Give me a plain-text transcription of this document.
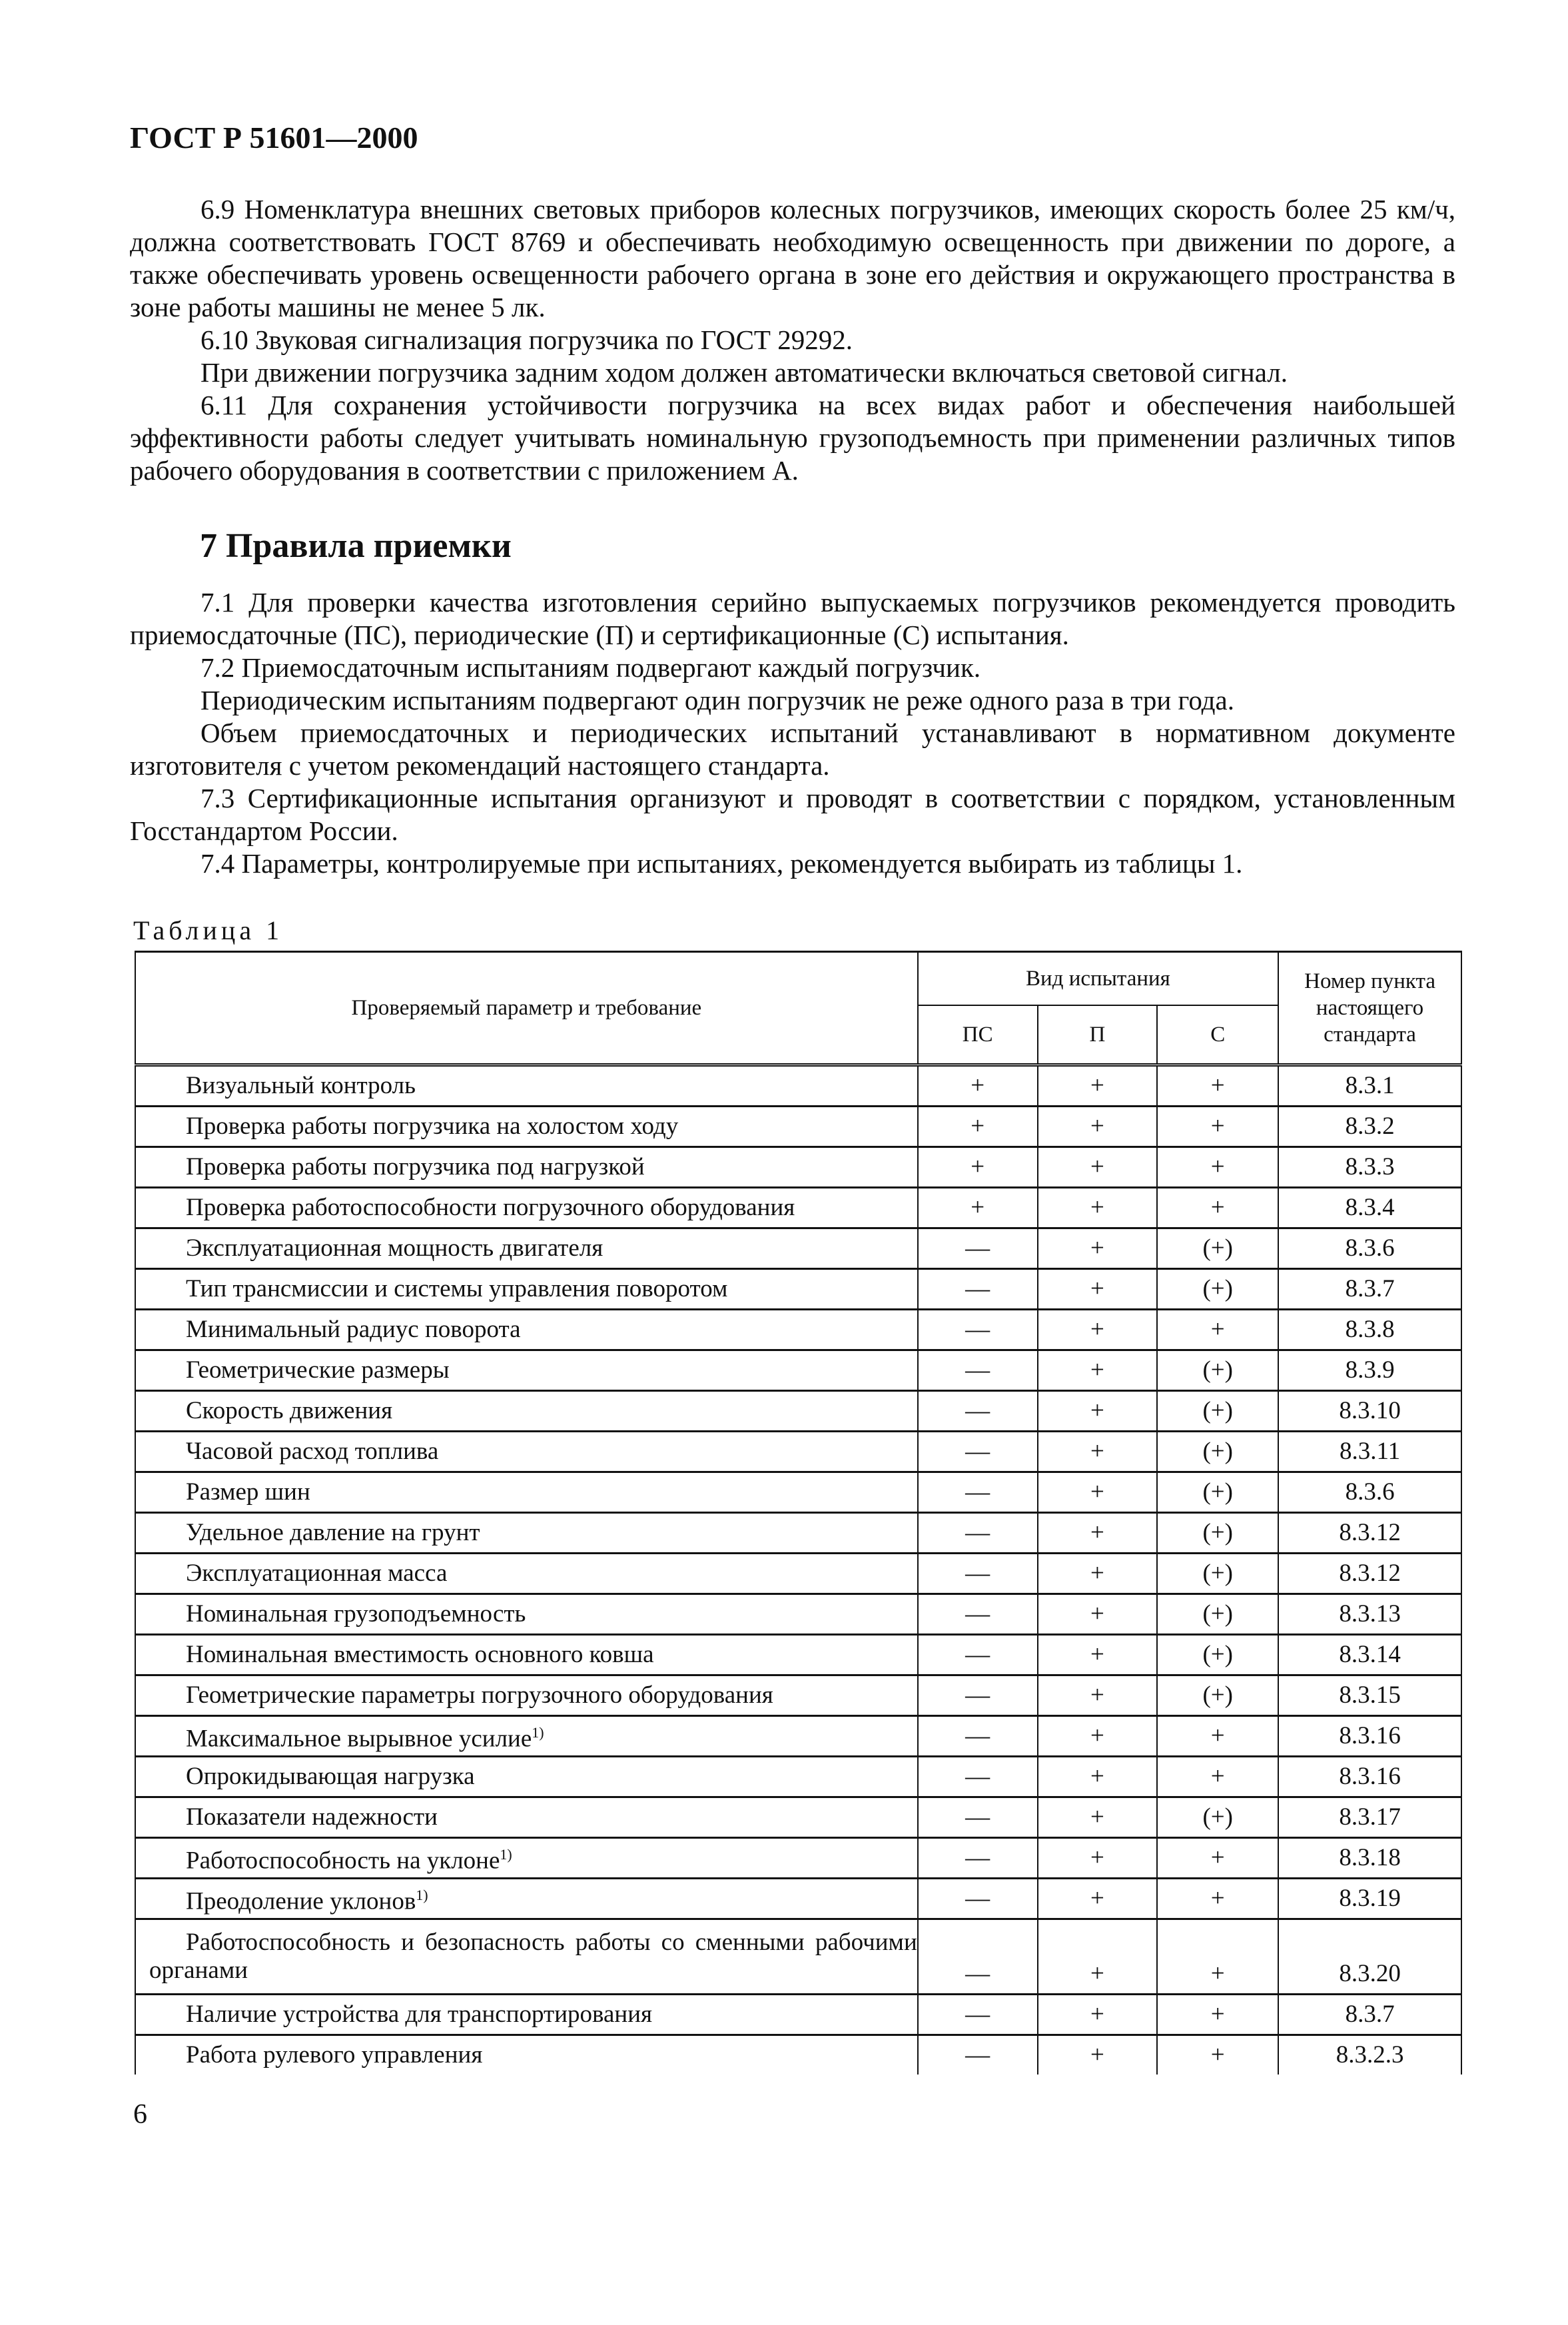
ГОСТ Р 51601—2000

6.9 Номенклатура внешних световых приборов колесных погрузчиков, имеющих скорость более 25 км/ч, должна соответствовать ГОСТ 8769 и обеспечивать необходимую освещенность при движении по дороге, а также обеспечивать уровень освещенности рабочего органа в зоне его действия и окружающего пространства в зоне работы машины не менее 5 лк.

6.10 Звуковая сигнализация погрузчика по ГОСТ 29292.

При движении погрузчика задним ходом должен автоматически включаться световой сигнал.

6.11 Для сохранения устойчивости погрузчика на всех видах работ и обеспечения наибольшей эффективности работы следует учитывать номинальную грузоподъемность при применении различных типов рабочего оборудования в соответствии с приложением А.

7 Правила приемки

7.1 Для проверки качества изготовления серийно выпускаемых погрузчиков рекомендуется проводить приемосдаточные (ПС), периодические (П) и сертификационные (С) испытания.

7.2 Приемосдаточным испытаниям подвергают каждый погрузчик.

Периодическим испытаниям подвергают один погрузчик не реже одного раза в три года.

Объем приемосдаточных и периодических испытаний устанавливают в нормативном документе изготовителя с учетом рекомендаций настоящего стандарта.

7.3 Сертификационные испытания организуют и проводят в соответствии с порядком, установленным Госстандартом России.

7.4 Параметры, контролируемые при испытаниях, рекомендуется выбирать из таблицы 1.

Таблица 1
Проверяемый параметр и требование	Вид испытания			Номер пункта настоящего стандарта
	ПС	П	С	
Визуальный контроль	+	+	+	8.3.1
Проверка работы погрузчика на холостом ходу	+	+	+	8.3.2
Проверка работы погрузчика под нагрузкой	+	+	+	8.3.3
Проверка работоспособности погрузочного оборудования	+	+	+	8.3.4
Эксплуатационная мощность двигателя	—	+	(+)	8.3.6
Тип трансмиссии и системы управления поворотом	—	+	(+)	8.3.7
Минимальный радиус поворота	—	+	+	8.3.8
Геометрические размеры	—	+	(+)	8.3.9
Скорость движения	—	+	(+)	8.3.10
Часовой расход топлива	—	+	(+)	8.3.11
Размер шин	—	+	(+)	8.3.6
Удельное давление на грунт	—	+	(+)	8.3.12
Эксплуатационная масса	—	+	(+)	8.3.12
Номинальная грузоподъемность	—	+	(+)	8.3.13
Номинальная вместимость основного ковша	—	+	(+)	8.3.14
Геометрические параметры погрузочного оборудования	—	+	(+)	8.3.15
Максимальное вырывное усилие$^{1)}$	—	+	+	8.3.16
Опрокидывающая нагрузка	—	+	+	8.3.16
Показатели надежности	—	+	(+)	8.3.17
Работоспособность на уклоне$^{1)}$	—	+	+	8.3.18
Преодоление уклонов$^{1)}$	—	+	+	8.3.19
Работоспособность и безопасность работы со сменными рабочими органами	—	+	+	8.3.20
Наличие устройства для транспортирования	—	+	+	8.3.7
Работа рулевого управления	—	+	+	8.3.2.3
6
